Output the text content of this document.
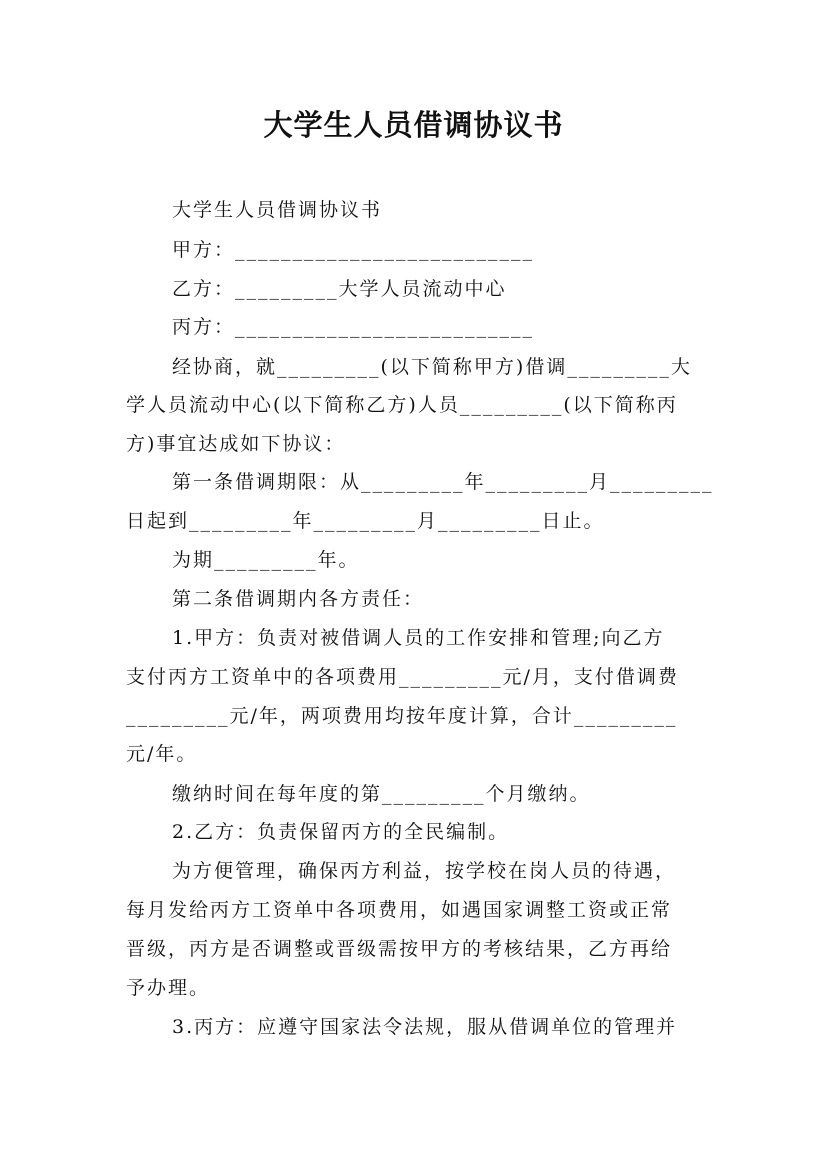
大学生人员借调协议书
大学生人员借调协议书
甲方：__________________________
乙方：_________大学人员流动中心
丙方：__________________________
经协商，就_________(以下简称甲方)借调_________大
学人员流动中心(以下简称乙方)人员_________(以下简称丙
方)事宜达成如下协议：
第一条借调期限：从_________年_________月_________
日起到_________年_________月_________日止。
为期_________年。
第二条借调期内各方责任：
1.甲方：负责对被借调人员的工作安排和管理;向乙方
支付丙方工资单中的各项费用_________元/月，支付借调费
_________元/年，两项费用均按年度计算，合计_________
元/年。
缴纳时间在每年度的第_________个月缴纳。
2.乙方：负责保留丙方的全民编制。
为方便管理，确保丙方利益，按学校在岗人员的待遇，
每月发给丙方工资单中各项费用，如遇国家调整工资或正常
晋级，丙方是否调整或晋级需按甲方的考核结果，乙方再给
予办理。
3.丙方：应遵守国家法令法规，服从借调单位的管理并
